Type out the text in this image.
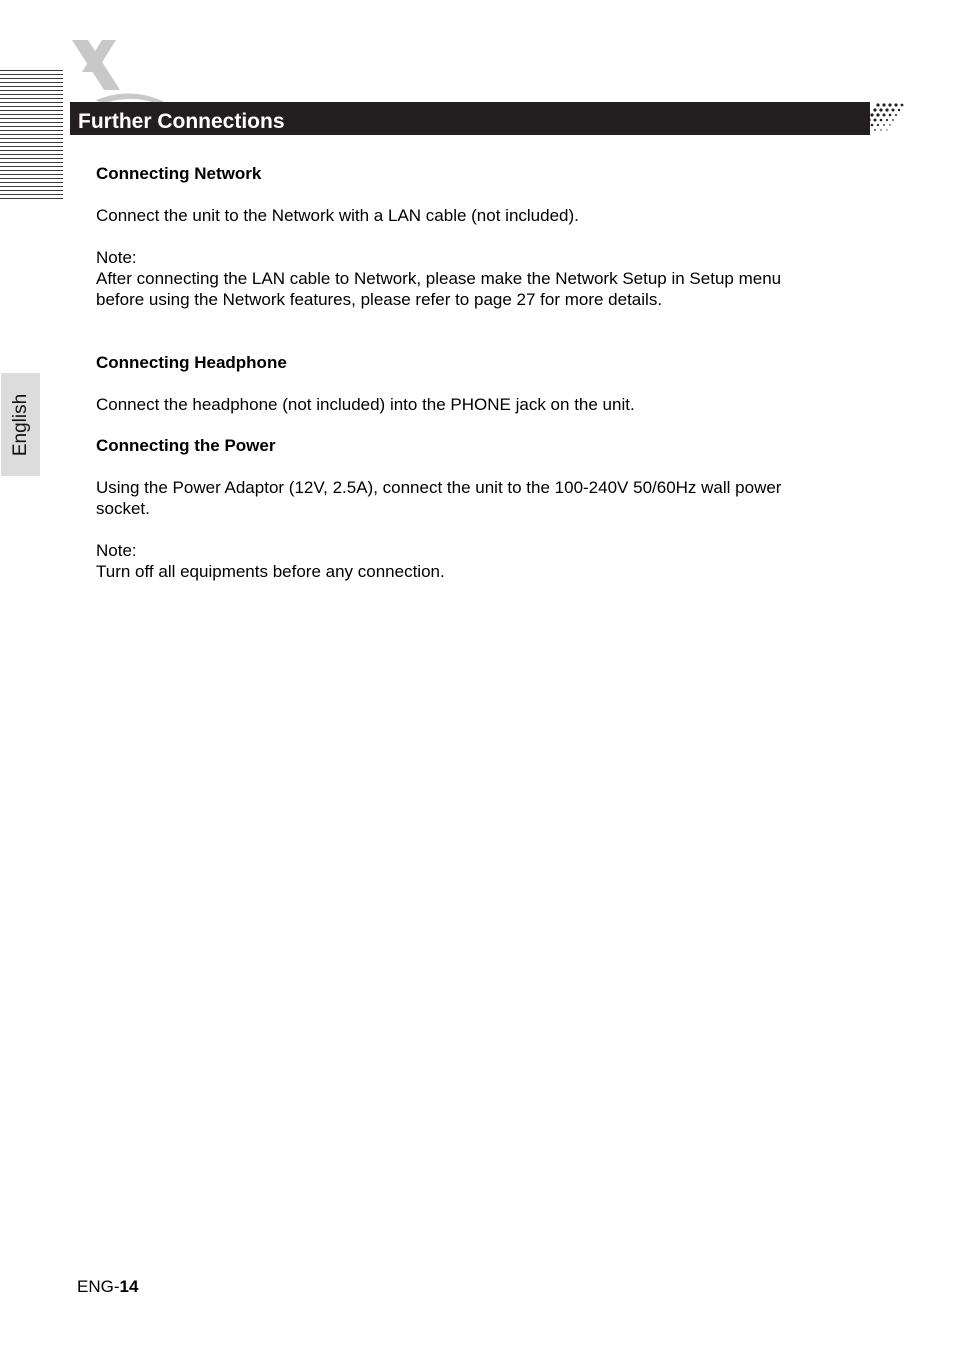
Further Connections
English

Connecting Network

Connect the unit to the Network with a LAN cable (not included).

Note:

After connecting the LAN cable to Network, please make the Network Setup in Setup menu

before using the Network features, please refer to page 27 for more details.

Connecting Headphone

Connect the headphone (not included) into the PHONE jack on the unit.

Connecting the Power

Using the Power Adaptor (12V, 2.5A), connect the unit to the 100-240V 50/60Hz wall power

socket.

Note:

Turn off all equipments before any connection.

ENG-14
